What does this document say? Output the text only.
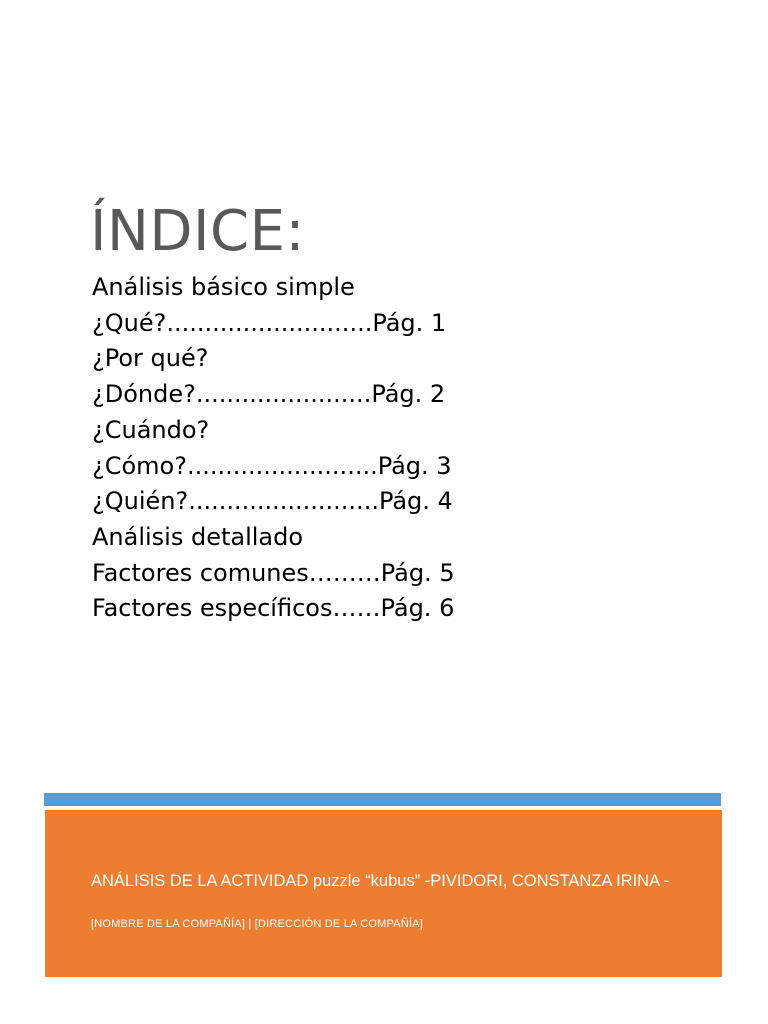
ÍNDICE:
Análisis básico simple
¿Qué?...........................Pág. 1
¿Por qué?
¿Dónde?.......................Pág. 2
¿Cuándo?
¿Cómo?.........................Pág. 3
¿Quién?.........................Pág. 4
Análisis detallado
Factores comunes………Pág. 5
Factores específicos……Pág. 6

ANÁLISIS DE LA ACTIVIDAD puzzle “kubus” -PIVIDORI, CONSTANZA IRINA -

[NOMBRE DE LA COMPAÑÍA] | [DIRECCIÓN DE LA COMPAÑÍA]
